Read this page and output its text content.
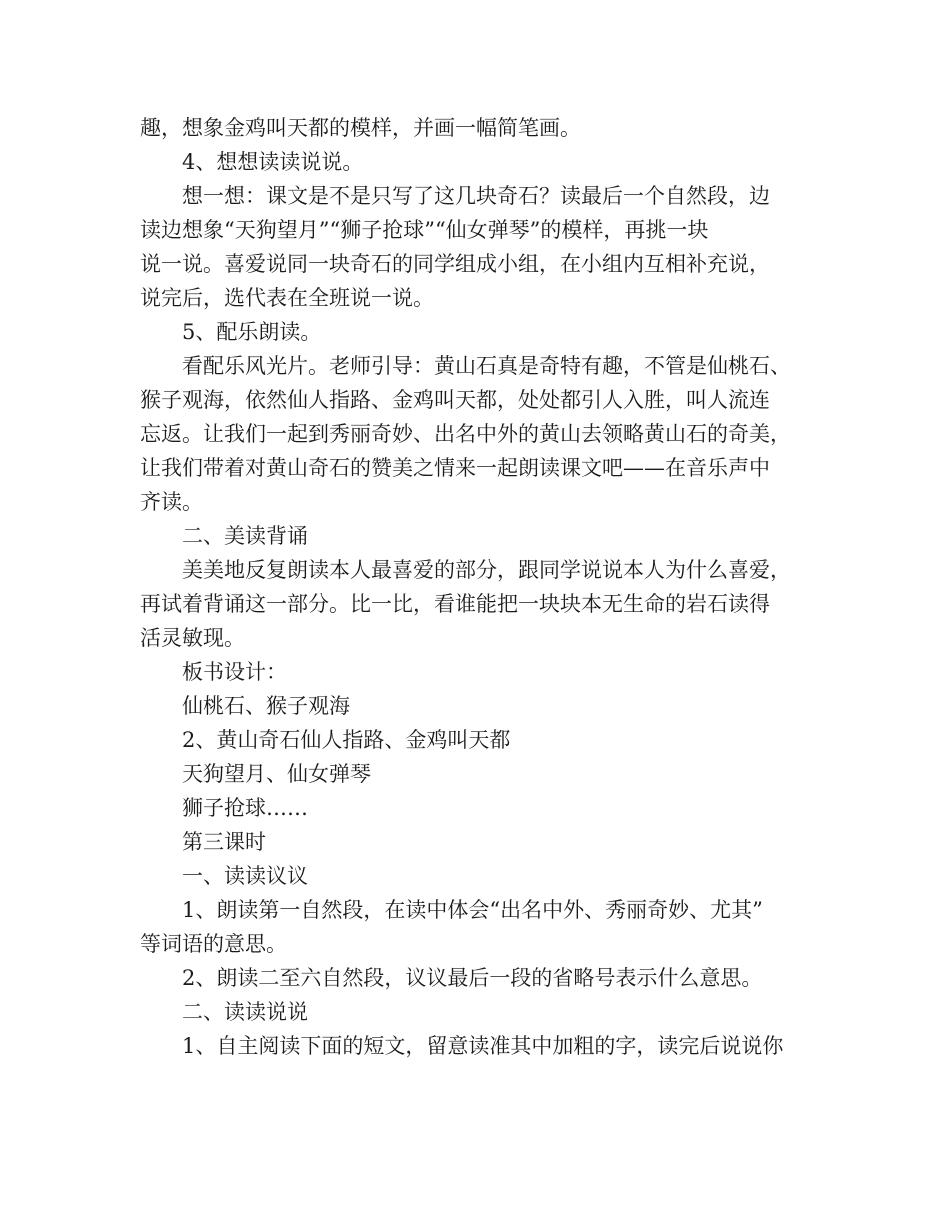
趣，想象金鸡叫天都的模样，并画一幅简笔画。
4、想想读读说说。
想一想：课文是不是只写了这几块奇石？读最后一个自然段，边
读边想象“天狗望月”“狮子抢球”“仙女弹琴”的模样，再挑一块
说一说。喜爱说同一块奇石的同学组成小组，在小组内互相补充说，
说完后，选代表在全班说一说。
5、配乐朗读。
看配乐风光片。老师引导：黄山石真是奇特有趣，不管是仙桃石、
猴子观海，依然仙人指路、金鸡叫天都，处处都引人入胜，叫人流连
忘返。让我们一起到秀丽奇妙、出名中外的黄山去领略黄山石的奇美，
让我们带着对黄山奇石的赞美之情来一起朗读课文吧——在音乐声中
齐读。
二、美读背诵
美美地反复朗读本人最喜爱的部分，跟同学说说本人为什么喜爱，
再试着背诵这一部分。比一比，看谁能把一块块本无生命的岩石读得
活灵敏现。
板书设计：
仙桃石、猴子观海
2、黄山奇石仙人指路、金鸡叫天都
天狗望月、仙女弹琴
狮子抢球……
第三课时
一、读读议议
1、朗读第一自然段，在读中体会“出名中外、秀丽奇妙、尤其”
等词语的意思。
2、朗读二至六自然段，议议最后一段的省略号表示什么意思。
二、读读说说
1、自主阅读下面的短文，留意读准其中加粗的字，读完后说说你
